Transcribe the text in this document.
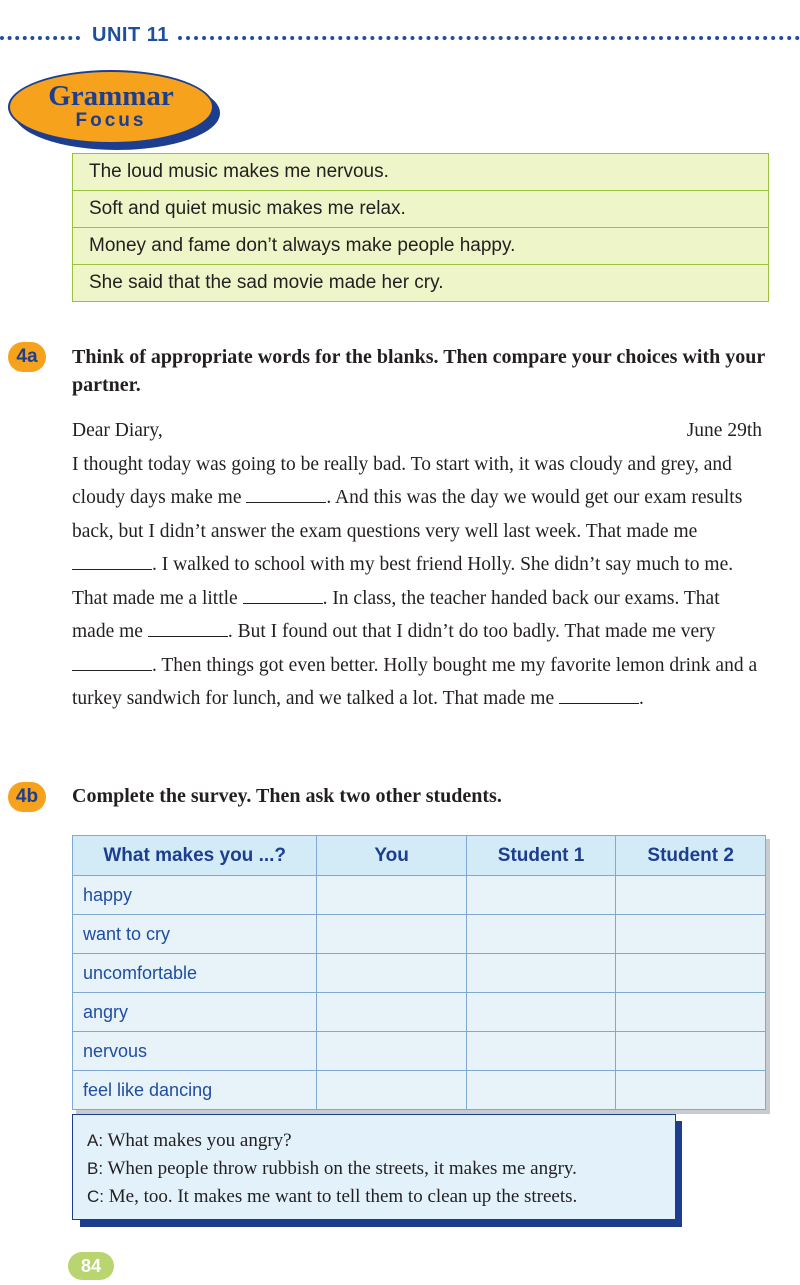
UNIT 11
Grammar
Focus
The loud music makes me nervous.
Soft and quiet music makes me relax.
Money and fame don’t always make people happy.
She said that the sad movie made her cry.
4a	Think of appropriate words for the blanks. Then compare your choices with your partner.
Dear Diary,	June 29th
I thought today was going to be really bad. To start with, it was cloudy and grey, and cloudy days make me	. And this was the day we would get our exam results back, but I didn’t answer the exam questions very well last week. That made me . I walked to school with my best friend Holly. She didn’t say much to me. That made me a little	. In class, the teacher handed back our exams. That made me	. But I found out that I didn’t do too badly. That made me very . Then things got even better. Holly bought me my favorite lemon drink and a turkey sandwich for lunch, and we talked a lot. That made me	.
4b	Complete the survey. Then ask two other students.
What makes you ...?	You	Student 1	Student 2
happy			
want to cry			
uncomfortable			
angry			
nervous			
feel like dancing			
A: What makes you angry?
B: When people throw rubbish on the streets, it makes me angry.
C: Me, too. It makes me want to tell them to clean up the streets.
84
